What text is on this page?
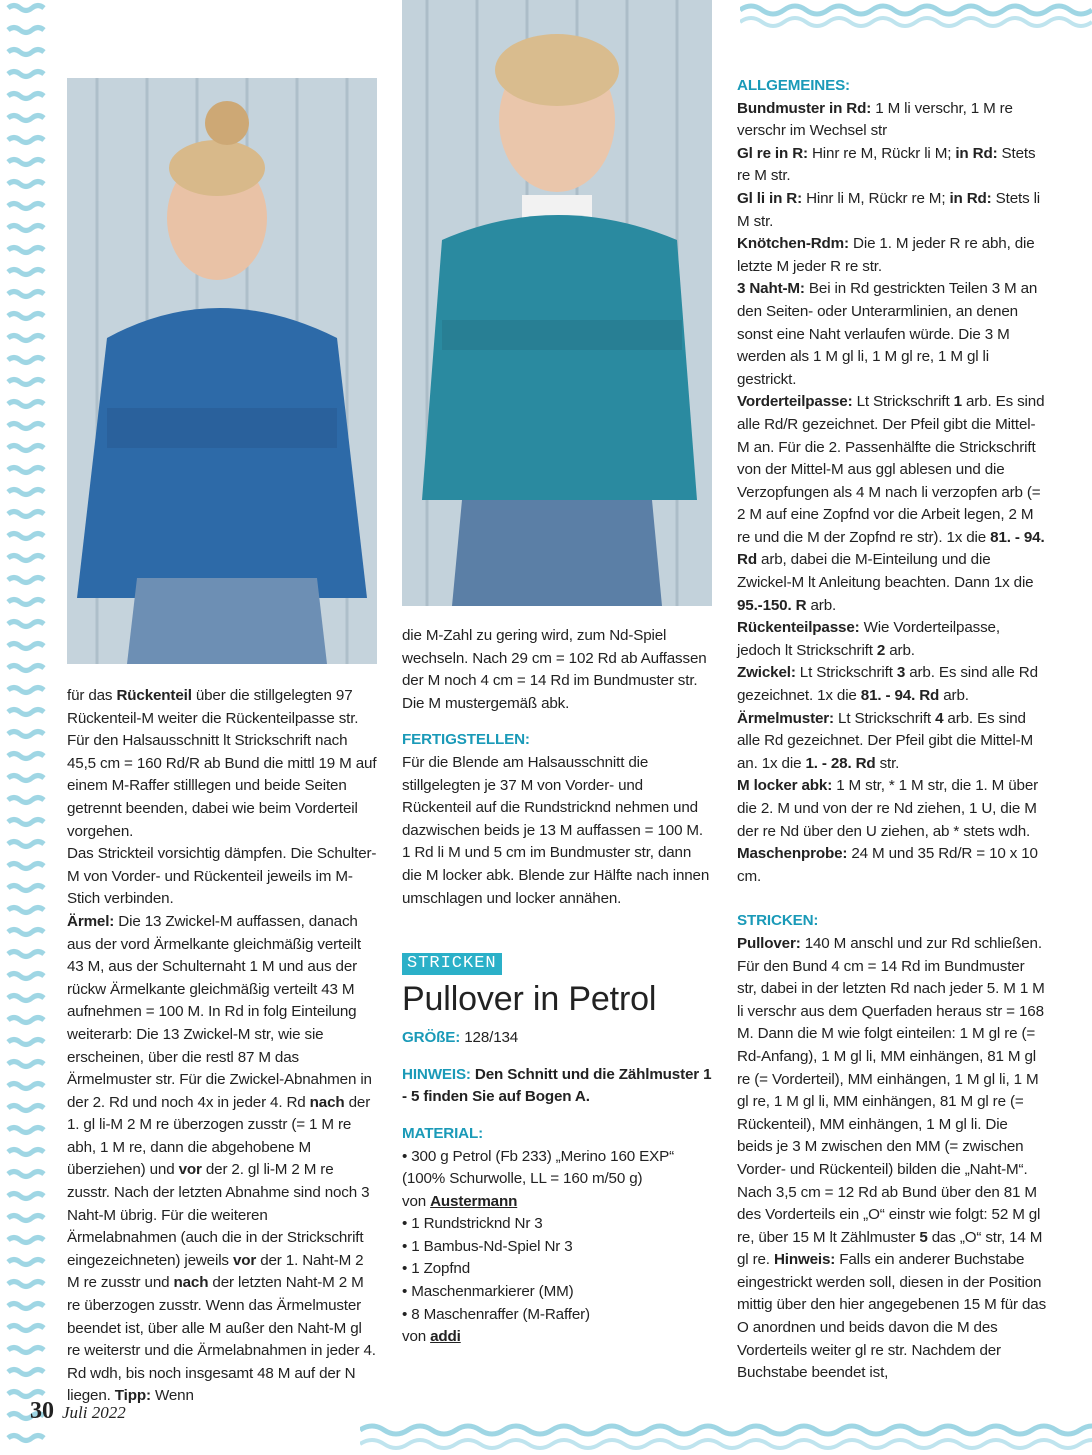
für das Rückenteil über die stillgelegten 97 Rückenteil-M weiter die Rückenteilpasse str. Für den Halsausschnitt lt Strickschrift nach 45,5 cm = 160 Rd/R ab Bund die mittl 19 M auf einem M-Raffer stilllegen und beide Seiten getrennt beenden, dabei wie beim Vorderteil vorgehen.

Das Strickteil vorsichtig dämpfen. Die Schulter-M von Vorder- und Rückenteil jeweils im M-Stich verbinden.

Ärmel: Die 13 Zwickel-M auffassen, danach aus der vord Ärmelkante gleichmäßig verteilt 43 M, aus der Schulternaht 1 M und aus der rückw Ärmelkante gleichmäßig verteilt 43 M aufnehmen = 100 M. In Rd in folg Einteilung weiterarb: Die 13 Zwickel-M str, wie sie erscheinen, über die restl 87 M das Ärmelmuster str. Für die Zwickel-Abnahmen in der 2. Rd und noch 4x in jeder 4. Rd nach der 1. gl li-M 2 M re überzogen zusstr (= 1 M re abh, 1 M re, dann die abgehobene M überziehen) und vor der 2. gl li-M 2 M re zusstr. Nach der letzten Abnahme sind noch 3 Naht-M übrig. Für die weiteren Ärmelabnahmen (auch die in der Strickschrift eingezeichneten) jeweils vor der 1. Naht-M 2 M re zusstr und nach der letzten Naht-M 2 M re überzogen zusstr. Wenn das Ärmelmuster beendet ist, über alle M außer den Naht-M gl re weiterstr und die Ärmelabnahmen in jeder 4. Rd wdh, bis noch insgesamt 48 M auf der N liegen. Tipp: Wenn

die M-Zahl zu gering wird, zum Nd-Spiel wechseln. Nach 29 cm = 102 Rd ab Auffassen der M noch 4 cm = 14 Rd im Bundmuster str. Die M mustergemäß abk.

FERTIGSTELLEN:

Für die Blende am Halsausschnitt die stillgelegten je 37 M von Vorder- und Rückenteil auf die Rundstricknd nehmen und dazwischen beids je 13 M auffassen = 100 M. 1 Rd li M und 5 cm im Bundmuster str, dann die M locker abk. Blende zur Hälfte nach innen umschlagen und locker annähen.

STRICKEN
Pullover in Petrol

GRÖßE: 128/134

HINWEIS: Den Schnitt und die Zählmuster 1 - 5 finden Sie auf Bogen A.

MATERIAL:

• 300 g Petrol (Fb 233) „Merino 160 EXP“ (100% Schurwolle, LL = 160 m/50 g)

von Austermann

• 1 Rundstricknd Nr 3

• 1 Bambus-Nd-Spiel Nr 3

• 1 Zopfnd

• Maschenmarkierer (MM)

• 8 Maschenraffer (M-Raffer)

von addi

ALLGEMEINES:

Bundmuster in Rd: 1 M li verschr, 1 M re verschr im Wechsel str

Gl re in R: Hinr re M, Rückr li M; in Rd: Stets re M str.

Gl li in R: Hinr li M, Rückr re M; in Rd: Stets li M str.

Knötchen-Rdm: Die 1. M jeder R re abh, die letzte M jeder R re str.

3 Naht-M: Bei in Rd gestrickten Teilen 3 M an den Seiten- oder Unterarmlinien, an denen sonst eine Naht verlaufen würde. Die 3 M werden als 1 M gl li, 1 M gl re, 1 M gl li gestrickt.

Vorderteilpasse: Lt Strickschrift 1 arb. Es sind alle Rd/R gezeichnet. Der Pfeil gibt die Mittel-M an. Für die 2. Passenhälfte die Strickschrift von der Mittel-M aus ggl ablesen und die Verzopfungen als 4 M nach li verzopfen arb (= 2 M auf eine Zopfnd vor die Arbeit legen, 2 M re und die M der Zopfnd re str). 1x die 81. - 94. Rd arb, dabei die M-Einteilung und die Zwickel-M lt Anleitung beachten. Dann 1x die 95.-150. R arb.

Rückenteilpasse: Wie Vorderteilpasse, jedoch lt Strickschrift 2 arb.

Zwickel: Lt Strickschrift 3 arb. Es sind alle Rd gezeichnet. 1x die 81. - 94. Rd arb.

Ärmelmuster: Lt Strickschrift 4 arb. Es sind alle Rd gezeichnet. Der Pfeil gibt die Mittel-M an. 1x die 1. - 28. Rd str.

M locker abk: 1 M str, * 1 M str, die 1. M über die 2. M und von der re Nd ziehen, 1 U, die M der re Nd über den U ziehen, ab * stets wdh.

Maschenprobe: 24 M und 35 Rd/R = 10 x 10 cm.

STRICKEN:

Pullover: 140 M anschl und zur Rd schließen. Für den Bund 4 cm = 14 Rd im Bundmuster str, dabei in der letzten Rd nach jeder 5. M 1 M li verschr aus dem Querfaden heraus str = 168 M. Dann die M wie folgt einteilen: 1 M gl re (= Rd-Anfang), 1 M gl li, MM einhängen, 81 M gl re (= Vorderteil), MM einhängen, 1 M gl li, 1 M gl re, 1 M gl li, MM einhängen, 81 M gl re (= Rückenteil), MM einhängen, 1 M gl li. Die beids je 3 M zwischen den MM (= zwischen Vorder- und Rückenteil) bilden die „Naht-M“. Nach 3,5 cm = 12 Rd ab Bund über den 81 M des Vorderteils ein „O“ einstr wie folgt: 52 M gl re, über 15 M lt Zählmuster 5 das „O“ str, 14 M gl re. Hinweis: Falls ein anderer Buchstabe eingestrickt werden soll, diesen in der Position mittig über den hier angegebenen 15 M für das O anordnen und beids davon die M des Vorderteils weiter gl re str. Nachdem der Buchstabe beendet ist,

30 Juli 2022
